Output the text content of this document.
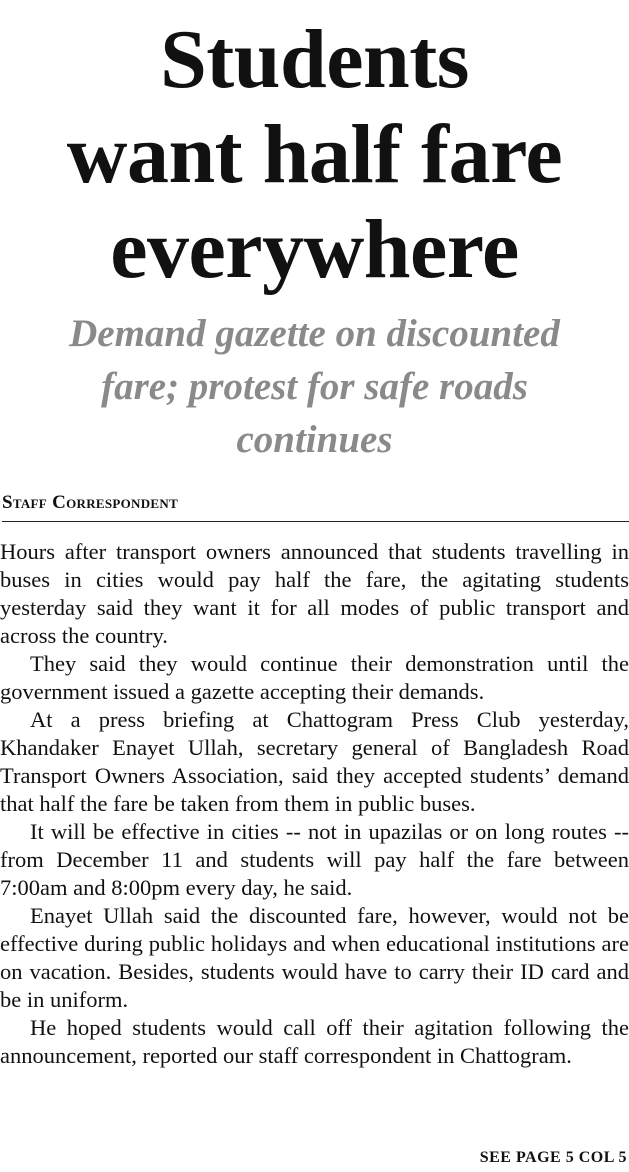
Students
want half fare
everywhere
Demand gazette on discounted
fare; protest for safe roads
continues
Staff Correspondent

Hours after transport owners announced that students travelling in buses in cities would pay half the fare, the agitating students yesterday said they want it for all modes of public transport and across the country.

They said they would continue their demonstration until the government issued a gazette accepting their demands.

At a press briefing at Chattogram Press Club yesterday, Khandaker Enayet Ullah, secretary general of Bangladesh Road Transport Owners Association, said they accepted students’ demand that half the fare be taken from them in public buses.

It will be effective in cities -- not in upazilas or on long routes -- from December 11 and students will pay half the fare between 7:00am and 8:00pm every day, he said.

Enayet Ullah said the discounted fare, however, would not be effective during public holidays and when educational institutions are on vacation. Besides, students would have to carry their ID card and be in uniform.

He hoped students would call off their agitation following the announcement, reported our staff correspondent in Chattogram.

SEE PAGE 5 COL 5
